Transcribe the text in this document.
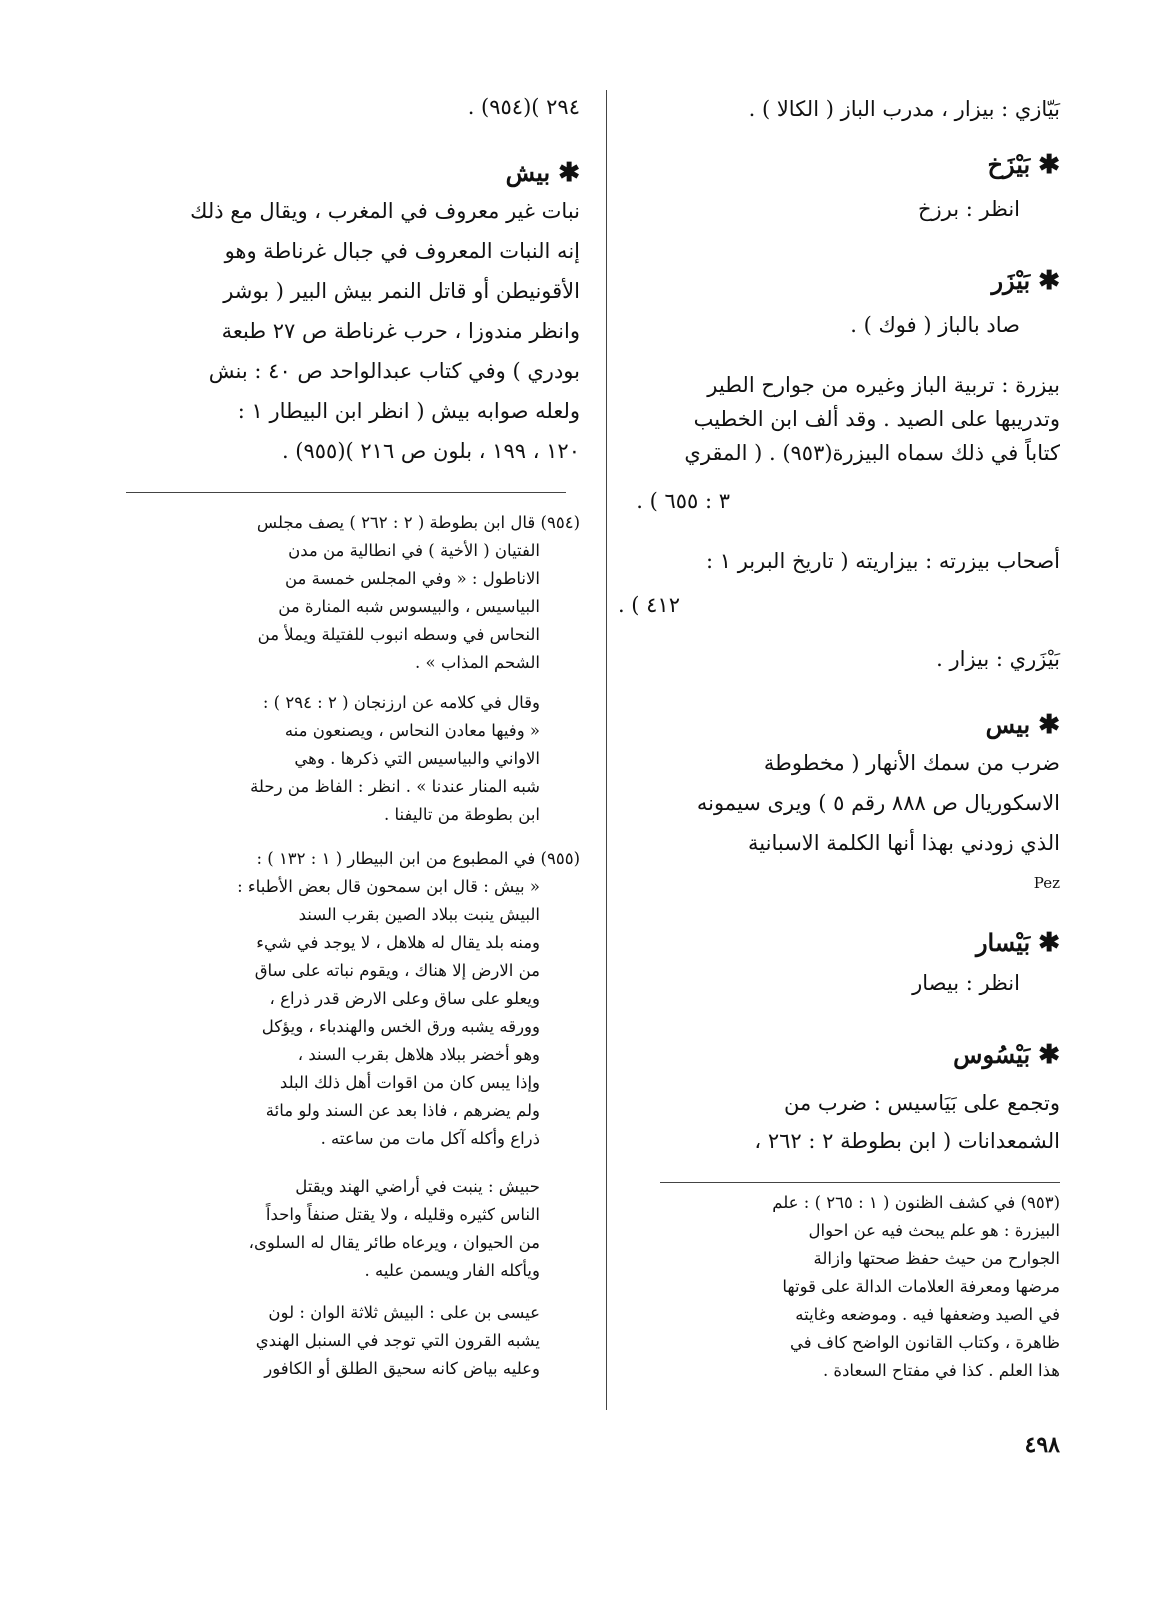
بَيّازي : بيزار ، مدرب الباز ( الكالا ) .
✱بَيْزَخ
انظر : برزخ
✱بَيْزَر
صاد بالباز ( فوك ) .
بيزرة : تربية الباز وغيره من جوارح الطير
وتدريبها على الصيد . وقد ألف ابن الخطيب
كتاباً في ذلك سماه البيزرة(٩٥٣) . ( المقري
٣ : ٦٥٥ ) .
أصحاب بيزرته : بيزاريته ( تاريخ البربر ١ :
٤١٢ ) .
بَيْزَري : بيزار .
✱بيس
ضرب من سمك الأنهار ( مخطوطة
الاسكوريال ص ٨٨٨ رقم ٥ ) ويرى سيمونه
الذي زودني بهذا أنها الكلمة الاسبانية
Pez
✱بَيْسار
انظر : بيصار
✱بَيْسُوس
وتجمع على بَيَاسيس : ضرب من
الشمعدانات ( ابن بطوطة ٢ : ٢٦٢ ،
(٩٥٣) في كشف الظنون ( ١ : ٢٦٥ ) : علم
البيزرة : هو علم يبحث فيه عن احوال
الجوارح من حيث حفظ صحتها وازالة
مرضها ومعرفة العلامات الدالة على قوتها
في الصيد وضعفها فيه . وموضعه وغايته
ظاهرة ، وكتاب القانون الواضح كاف في
هذا العلم . كذا في مفتاح السعادة .
٢٩٤ )(٩٥٤) .
✱بيش
نبات غير معروف في المغرب ، ويقال مع ذلك
إنه النبات المعروف في جبال غرناطة وهو
الأقونيطن أو قاتل النمر بيش البير ( بوشر
وانظر مندوزا ، حرب غرناطة ص ٢٧ طبعة
بودري ) وفي كتاب عبدالواحد ص ٤٠ : بنش
ولعله صوابه بيش ( انظر ابن البيطار ١ :
١٢٠ ، ١٩٩ ، بلون ص ٢١٦ )(٩٥٥) .
(٩٥٤) قال ابن بطوطة ( ٢ : ٢٦٢ ) يصف مجلس
الفتيان ( الأخية ) في انطالية من مدن
الاناطول : « وفي المجلس خمسة من
البياسيس ، والبيسوس شبه المنارة من
النحاس في وسطه انبوب للفتيلة ويملأ من
الشحم المذاب » .
وقال في كلامه عن ارزنجان ( ٢ : ٢٩٤ ) :
« وفيها معادن النحاس ، ويصنعون منه
الاواني والبياسيس التي ذكرها . وهي
شبه المنار عندنا » . انظر : الفاظ من رحلة
ابن بطوطة من تاليفنا .
(٩٥٥) في المطبوع من ابن البيطار ( ١ : ١٣٢ ) :
« بيش : قال ابن سمحون قال بعض الأطباء :
البيش ينبت ببلاد الصين بقرب السند
ومنه بلد يقال له هلاهل ، لا يوجد في شيء
من الارض إلا هناك ، ويقوم نباته على ساق
ويعلو على ساق وعلى الارض قدر ذراع ،
وورقه يشبه ورق الخس والهندباء ، ويؤكل
وهو أخضر ببلاد هلاهل بقرب السند ،
وإذا يبس كان من اقوات أهل ذلك البلد
ولم يضرهم ، فاذا بعد عن السند ولو مائة
ذراع وأكله آكل مات من ساعته .
حبيش : ينبت في أراضي الهند ويقتل
الناس كثيره وقليله ، ولا يقتل صنفاً واحداً
من الحيوان ، ويرعاه طائر يقال له السلوى،
ويأكله الفار ويسمن عليه .
عيسى بن على : البيش ثلاثة الوان : لون
يشبه القرون التي توجد في السنبل الهندي
وعليه بياض كانه سحيق الطلق أو الكافور
٤٩٨
